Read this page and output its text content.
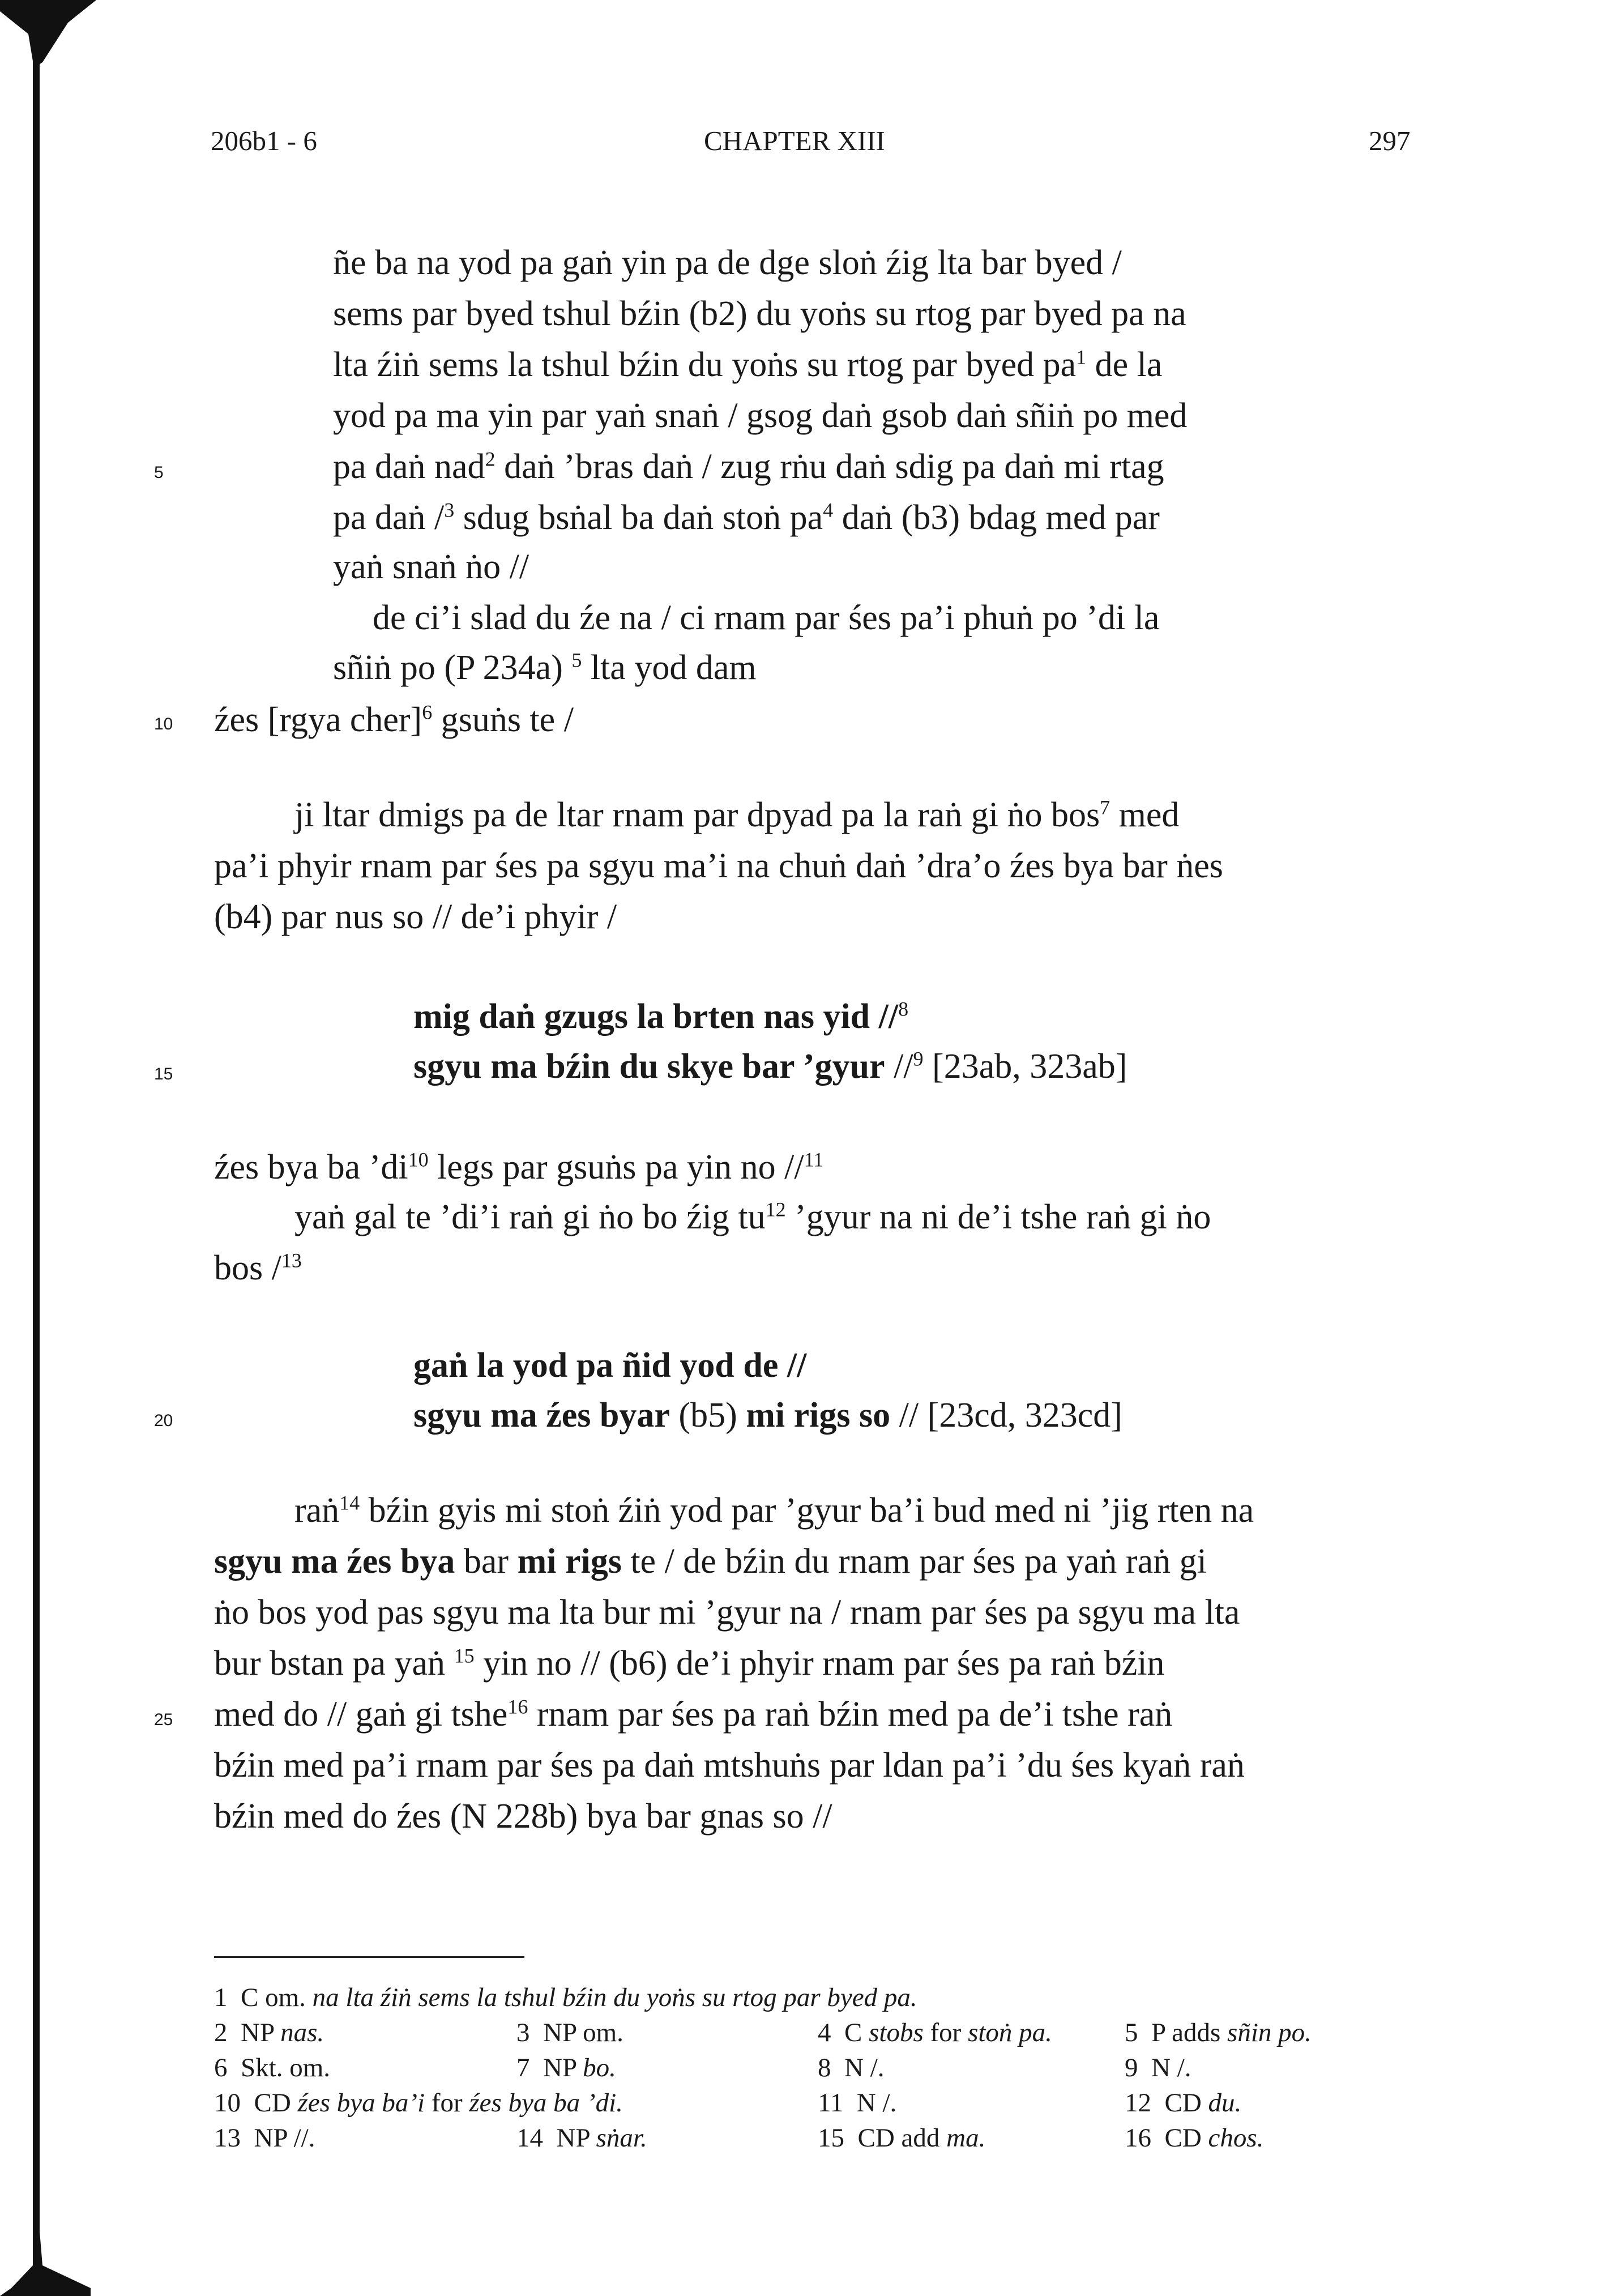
206b1 - 6	CHAPTER XIII	297
5
10
15
20
25
ñe ba na yod pa gaṅ yin pa de dge sloṅ źig lta bar byed /
sems par byed tshul bźin (b2) du yoṅs su rtog par byed pa na
lta źiṅ sems la tshul bźin du yoṅs su rtog par byed $pa^1$ de la
yod pa ma yin par yaṅ snaṅ / gsog daṅ gsob daṅ sñiṅ po med
pa daṅ nad$^2$ daṅ ’bras daṅ / zug rṅu daṅ sdig pa daṅ mi rtag
pa daṅ /$^3$ sdug bsṅal ba daṅ stoṅ $pa^4$ daṅ (b3) bdag med par
yaṅ snaṅ ṅo //
de ci’i slad du źe na / ci rnam par śes pa’i phuṅ po ’di la
sñiṅ po (P 234a) $^5$ lta yod dam
źes [rgya cher]$^6$ gsuṅs te /
ji ltar dmigs pa de ltar rnam par dpyad pa la raṅ gi ṅo bos$^7$ med
pa’i phyir rnam par śes pa sgyu ma’i na chuṅ daṅ ’dra’o źes bya bar ṅes
(b4) par nus so // de’i phyir /
mig daṅ gzugs la brten nas yid //$^8$
sgyu ma bźin du skye bar ’gyur //$^9$ [23ab, 323ab]
źes bya ba $’di^{10}$ legs par gsuṅs pa yin no //$^{11}$
yaṅ gal te ’di’i raṅ gi ṅo bo źig $tu^{12}$ ’gyur na ni de’i tshe raṅ gi ṅo
bos /$^{13}$
gaṅ la yod pa ñid yod de //
sgyu ma źes byar (b5) mi rigs so // [23cd, 323cd]
raṅ$^{14}$ bźin gyis mi stoṅ źiṅ yod par ’gyur ba’i bud med ni ’jig rten na
sgyu ma źes bya bar mi rigs te / de bźin du rnam par śes pa yaṅ raṅ gi
ṅo bos yod pas sgyu ma lta bur mi ’gyur na / rnam par śes pa sgyu ma lta
bur bstan pa yaṅ $^{15}$ yin no // (b6) de’i phyir rnam par śes pa raṅ bźin
med do // gaṅ gi tshe$^{16}$ rnam par śes pa raṅ bźin med pa de’i tshe raṅ
bźin med pa’i rnam par śes pa daṅ mtshuṅs par ldan pa’i ’du śes kyaṅ raṅ
bźin med do źes (N 228b) bya bar gnas so //
1 C om. na lta źiṅ sems la tshul bźin du yoṅs su rtog par byed pa.
2 NP nas.	3 NP om.	4 C stobs for stoṅ pa.	5 P adds sñin po.
6 Skt. om.	7 NP bo.	8 N /.	9 N /.
10 CD źes bya ba’i for źes bya ba ’di.	11 N /.	12 CD du.
13 NP //.	14 NP sṅar.	15 CD add ma.	16 CD chos.
